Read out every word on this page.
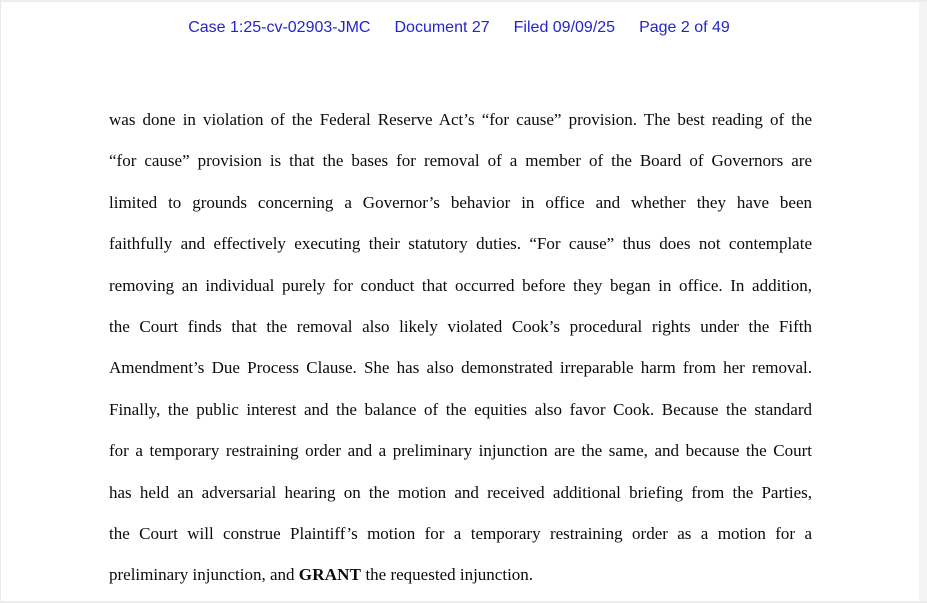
Case 1:25-cv-02903-JMC Document 27 Filed 09/09/25 Page 2 of 49
was done in violation of the Federal Reserve Act’s “for cause” provision. The best reading of the
“for cause” provision is that the bases for removal of a member of the Board of Governors are
limited to grounds concerning a Governor’s behavior in office and whether they have been
faithfully and effectively executing their statutory duties. “For cause” thus does not contemplate
removing an individual purely for conduct that occurred before they began in office. In addition,
the Court finds that the removal also likely violated Cook’s procedural rights under the Fifth
Amendment’s Due Process Clause. She has also demonstrated irreparable harm from her removal.
Finally, the public interest and the balance of the equities also favor Cook. Because the standard
for a temporary restraining order and a preliminary injunction are the same, and because the Court
has held an adversarial hearing on the motion and received additional briefing from the Parties,
the Court will construe Plaintiff’s motion for a temporary restraining order as a motion for a
preliminary injunction, and GRANT the requested injunction.
